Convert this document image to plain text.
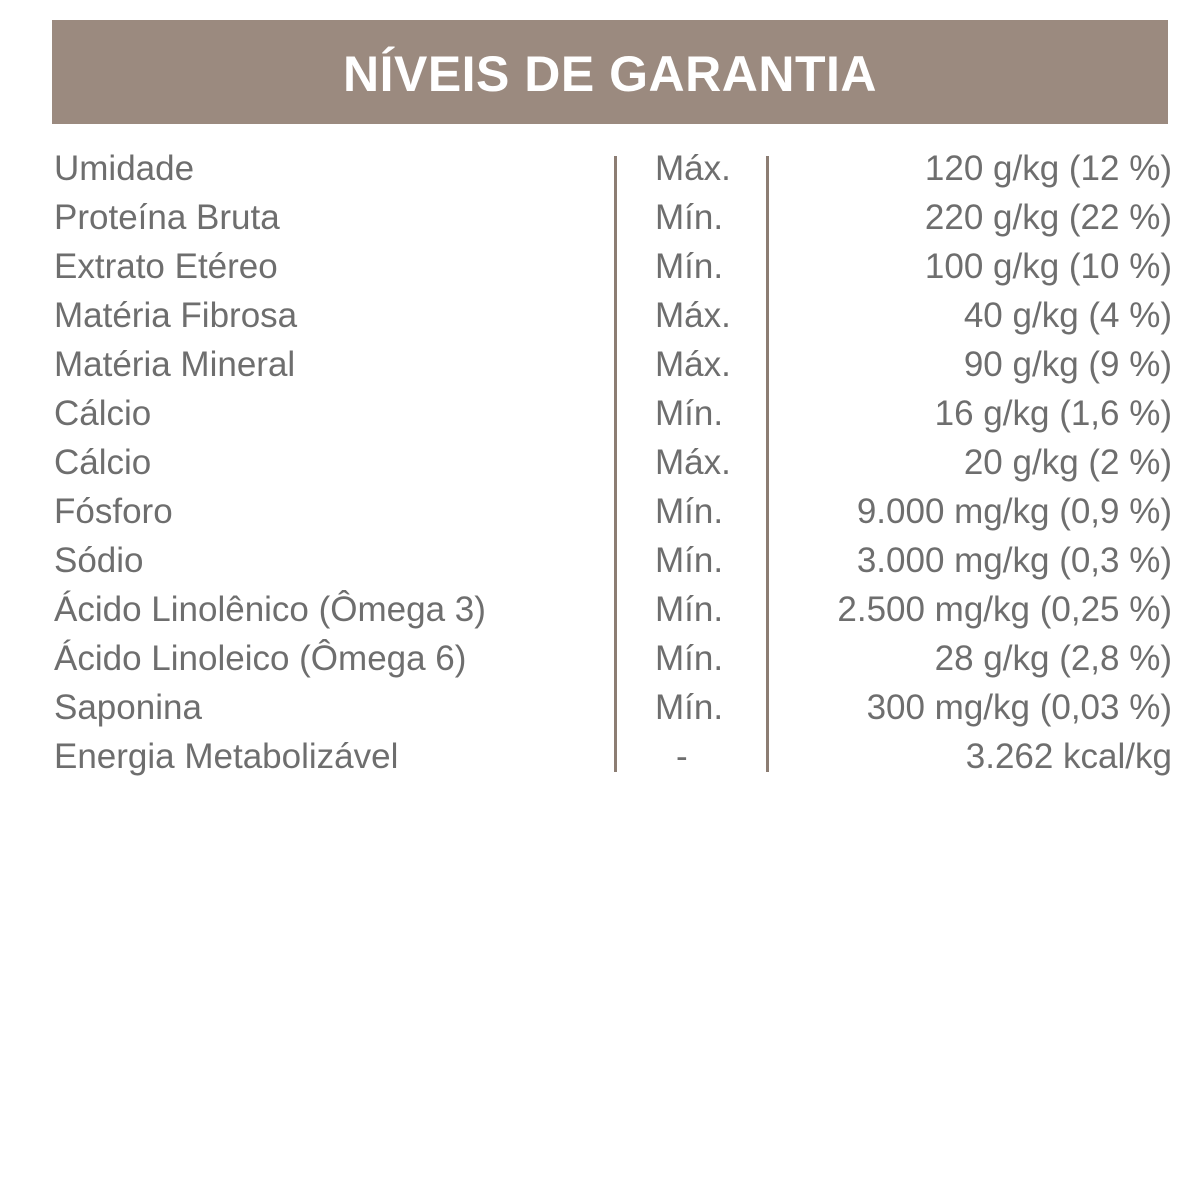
NÍVEIS DE GARANTIA
Umidade	Máx.	120 g/kg (12 %)
Proteína Bruta	Mín.	220 g/kg (22 %)
Extrato Etéreo	Mín.	100 g/kg (10 %)
Matéria Fibrosa	Máx.	40 g/kg (4 %)
Matéria Mineral	Máx.	90 g/kg (9 %)
Cálcio	Mín.	16 g/kg (1,6 %)
Cálcio	Máx.	20 g/kg (2 %)
Fósforo	Mín.	9.000 mg/kg (0,9 %)
Sódio	Mín.	3.000 mg/kg (0,3 %)
Ácido Linolênico (Ômega 3)	Mín.	2.500 mg/kg (0,25 %)
Ácido Linoleico (Ômega 6)	Mín.	28 g/kg (2,8 %)
Saponina	Mín.	300 mg/kg (0,03 %)
Energia Metabolizável	-	3.262 kcal/kg
